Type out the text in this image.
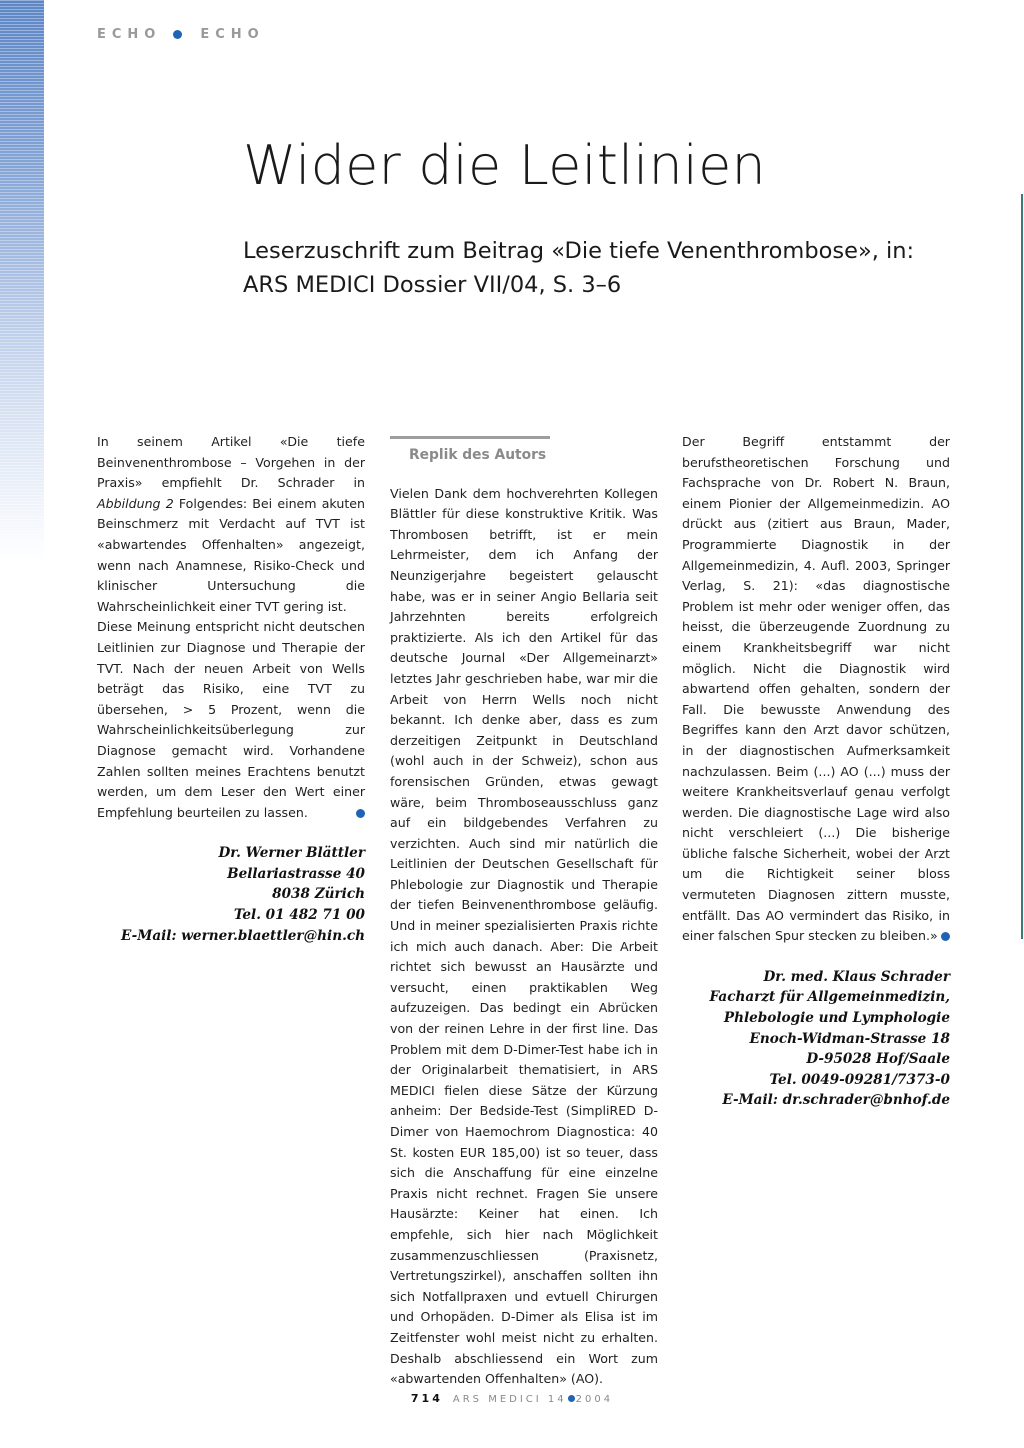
ECHO	ECHO
Wider die Leitlinien
Leserzuschrift zum Beitrag «Die tiefe Venenthrombose», in:
ARS MEDICI Dossier VII/04, S. 3–6

In seinem Artikel «Die tiefe Beinvenenthrombose – Vorgehen in der Praxis» empfiehlt Dr. Schrader in Abbildung 2 Folgendes: Bei einem akuten Beinschmerz mit Verdacht auf TVT ist «abwartendes Offenhalten» angezeigt, wenn nach Anamnese, Risiko-Check und klinischer Untersuchung die Wahrscheinlichkeit einer TVT gering ist.

Diese Meinung entspricht nicht deutschen Leitlinien zur Diagnose und Therapie der TVT. Nach der neuen Arbeit von Wells beträgt das Risiko, eine TVT zu übersehen, > 5 Prozent, wenn die Wahrscheinlichkeitsüberlegung zur Diagnose gemacht wird. Vorhandene Zahlen sollten meines Erachtens benutzt werden, um dem Leser den Wert einer Empfehlung beurteilen zu lassen.

Dr. Werner Blättler
Bellariastrasse 40
8038 Zürich
Tel. 01 482 71 00
E-Mail: werner.blaettler@hin.ch
Replik des Autors

Vielen Dank dem hochverehrten Kollegen Blättler für diese konstruktive Kritik. Was Thrombosen betrifft, ist er mein Lehrmeister, dem ich Anfang der Neunzigerjahre begeistert gelauscht habe, was er in seiner Angio Bellaria seit Jahrzehnten bereits erfolgreich praktizierte. Als ich den Artikel für das deutsche Journal «Der Allgemeinarzt» letztes Jahr geschrieben habe, war mir die Arbeit von Herrn Wells noch nicht bekannt. Ich denke aber, dass es zum derzeitigen Zeitpunkt in Deutschland (wohl auch in der Schweiz), schon aus forensischen Gründen, etwas gewagt wäre, beim Thromboseausschluss ganz auf ein bildgebendes Verfahren zu verzichten. Auch sind mir natürlich die Leitlinien der Deutschen Gesellschaft für Phlebologie zur Diagnostik und Therapie der tiefen Beinvenenthrombose geläufig. Und in meiner spezialisierten Praxis richte ich mich auch danach. Aber: Die Arbeit richtet sich bewusst an Hausärzte und versucht, einen praktikablen Weg aufzuzeigen. Das bedingt ein Abrücken von der reinen Lehre in der first line. Das Problem mit dem D-Dimer-Test habe ich in der Originalarbeit thematisiert, in ARS MEDICI fielen diese Sätze der Kürzung anheim: Der Bedside-Test (SimpliRED D-Dimer von Haemochrom Diagnostica: 40 St. kosten EUR 185,00) ist so teuer, dass sich die Anschaffung für eine einzelne Praxis nicht rechnet. Fragen Sie unsere Hausärzte: Keiner hat einen. Ich empfehle, sich hier nach Möglichkeit zusammenzuschliessen (Praxisnetz, Vertretungszirkel), anschaffen sollten ihn sich Notfallpraxen und evtuell Chirurgen und Orhopäden. D-Dimer als Elisa ist im Zeitfenster wohl meist nicht zu erhalten. Deshalb abschliessend ein Wort zum «abwartenden Offenhalten» (AO).

Der Begriff entstammt der berufstheoretischen Forschung und Fachsprache von Dr. Robert N. Braun, einem Pionier der Allgemeinmedizin. AO drückt aus (zitiert aus Braun, Mader, Programmierte Diagnostik in der Allgemeinmedizin, 4. Aufl. 2003, Springer Verlag, S. 21): «das diagnostische Problem ist mehr oder weniger offen, das heisst, die überzeugende Zuordnung zu einem Krankheitsbegriff war nicht möglich. Nicht die Diagnostik wird abwartend offen gehalten, sondern der Fall. Die bewusste Anwendung des Begriffes kann den Arzt davor schützen, in der diagnostischen Aufmerksamkeit nachzulassen. Beim (...) AO (...) muss der weitere Krankheitsverlauf genau verfolgt werden. Die diagnostische Lage wird also nicht verschleiert (...) Die bisherige übliche falsche Sicherheit, wobei der Arzt um die Richtigkeit seiner bloss vermuteten Diagnosen zittern musste, entfällt. Das AO vermindert das Risiko, in einer falschen Spur stecken zu bleiben.»

Dr. med. Klaus Schrader
Facharzt für Allgemeinmedizin,
Phlebologie und Lymphologie
Enoch-Widman-Strasse 18
D-95028 Hof/Saale
Tel. 0049-09281/7373-0
E-Mail: dr.schrader@bnhof.de
714 ARS MEDICI 14 2004
